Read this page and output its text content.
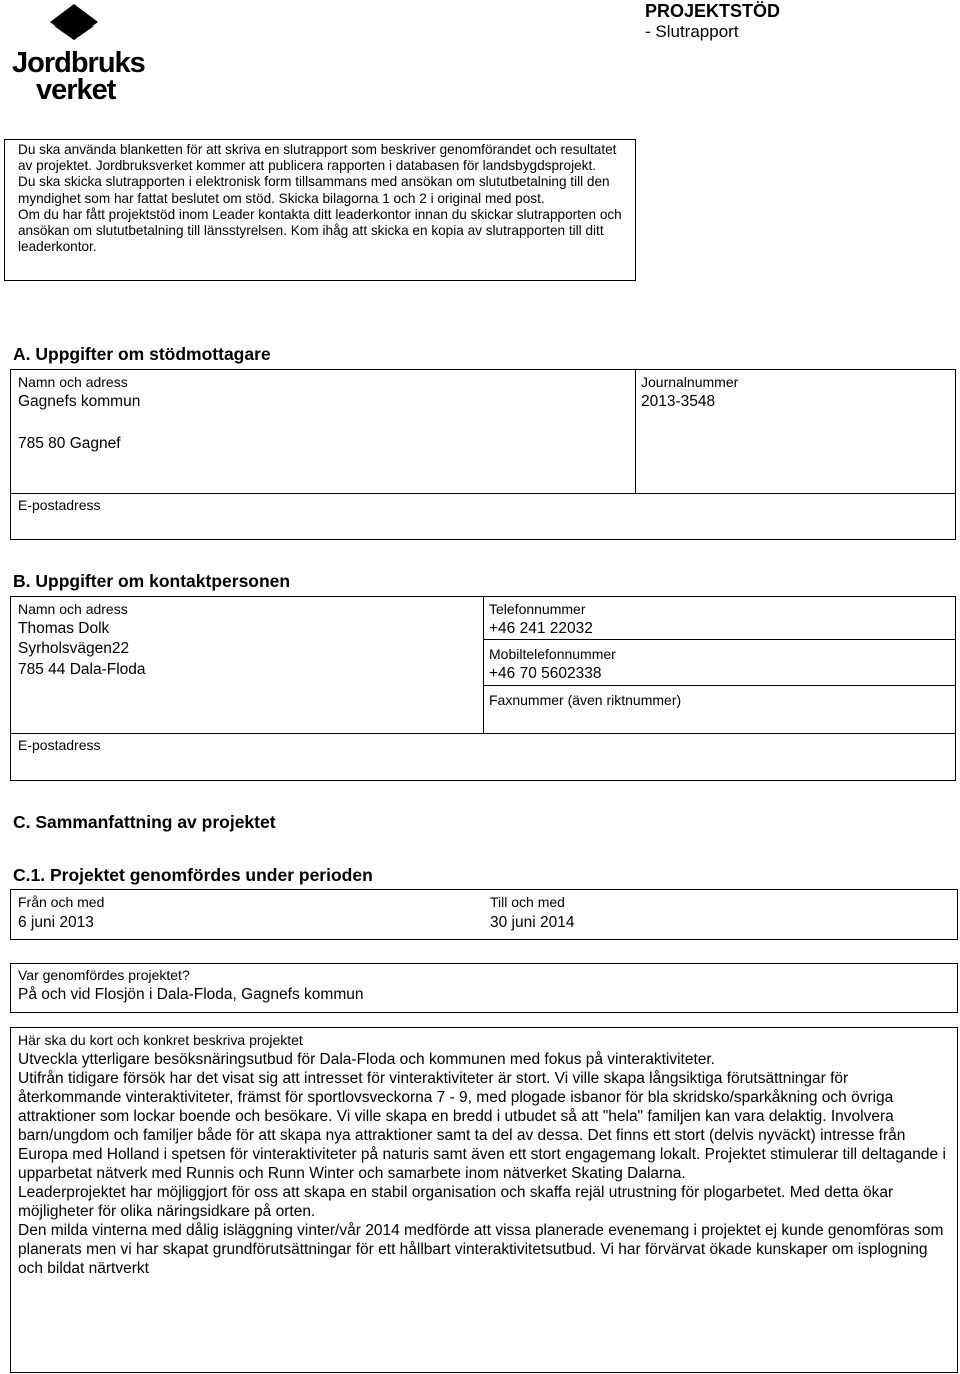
Jordbruks
verket
PROJEKTSTÖD
- Slutrapport
Du ska använda blanketten för att skriva en slutrapport som beskriver genomförandet och resultatet av projektet. Jordbruksverket kommer att publicera rapporten i databasen för landsbygdsprojekt.
Du ska skicka slutrapporten i elektronisk form tillsammans med ansökan om slututbetalning till den myndighet som har fattat beslutet om stöd. Skicka bilagorna 1 och 2 i original med post.
Om du har fått projektstöd inom Leader kontakta ditt leaderkontor innan du skickar slutrapporten och ansökan om slututbetalning till länsstyrelsen. Kom ihåg att skicka en kopia av slutrapporten till ditt leaderkontor.
A. Uppgifter om stödmottagare
Namn och adress
Gagnefs kommun
785 80 Gagnef
Journalnummer
2013-3548
E-postadress
B. Uppgifter om kontaktpersonen
Namn och adress
Thomas Dolk
Syrholsvägen22
785 44 Dala-Floda
Telefonnummer
+46 241 22032
Mobiltelefonnummer
+46 70 5602338
Faxnummer (även riktnummer)
E-postadress
C. Sammanfattning av projektet
C.1. Projektet genomfördes under perioden
Från och med
6 juni 2013
Till och med
30 juni 2014
Var genomfördes projektet?
På och vid Flosjön i Dala-Floda, Gagnefs kommun
Här ska du kort och konkret beskriva projektet
Utveckla ytterligare besöksnäringsutbud för Dala-Floda och kommunen med fokus på vinteraktiviteter.
Utifrån tidigare försök har det visat sig att intresset för vinteraktiviteter är stort. Vi ville skapa långsiktiga förutsättningar för återkommande vinteraktiviteter, främst för sportlovsveckorna 7 - 9, med plogade isbanor för bla skridsko/sparkåkning och övriga attraktioner som lockar boende och besökare. Vi ville skapa en bredd i utbudet så att "hela" familjen kan vara delaktig. Involvera barn/ungdom och familjer både för att skapa nya attraktioner samt ta del av dessa. Det finns ett stort (delvis nyväckt) intresse från Europa med Holland i spetsen för vinteraktiviteter på naturis samt även ett stort engagemang lokalt. Projektet stimulerar till deltagande i upparbetat nätverk med Runnis och Runn Winter och samarbete inom nätverket Skating Dalarna.
Leaderprojektet har möjliggjort för oss att skapa en stabil organisation och skaffa rejäl utrustning för plogarbetet. Med detta ökar möjligheter för olika näringsidkare på orten.
Den milda vinterna med dålig isläggning vinter/vår 2014 medförde att vissa planerade evenemang i projektet ej kunde genomföras som planerats men vi har skapat grundförutsättningar för ett hållbart vinteraktivitetsutbud. Vi har förvärvat ökade kunskaper om isplogning och bildat närtverkt
